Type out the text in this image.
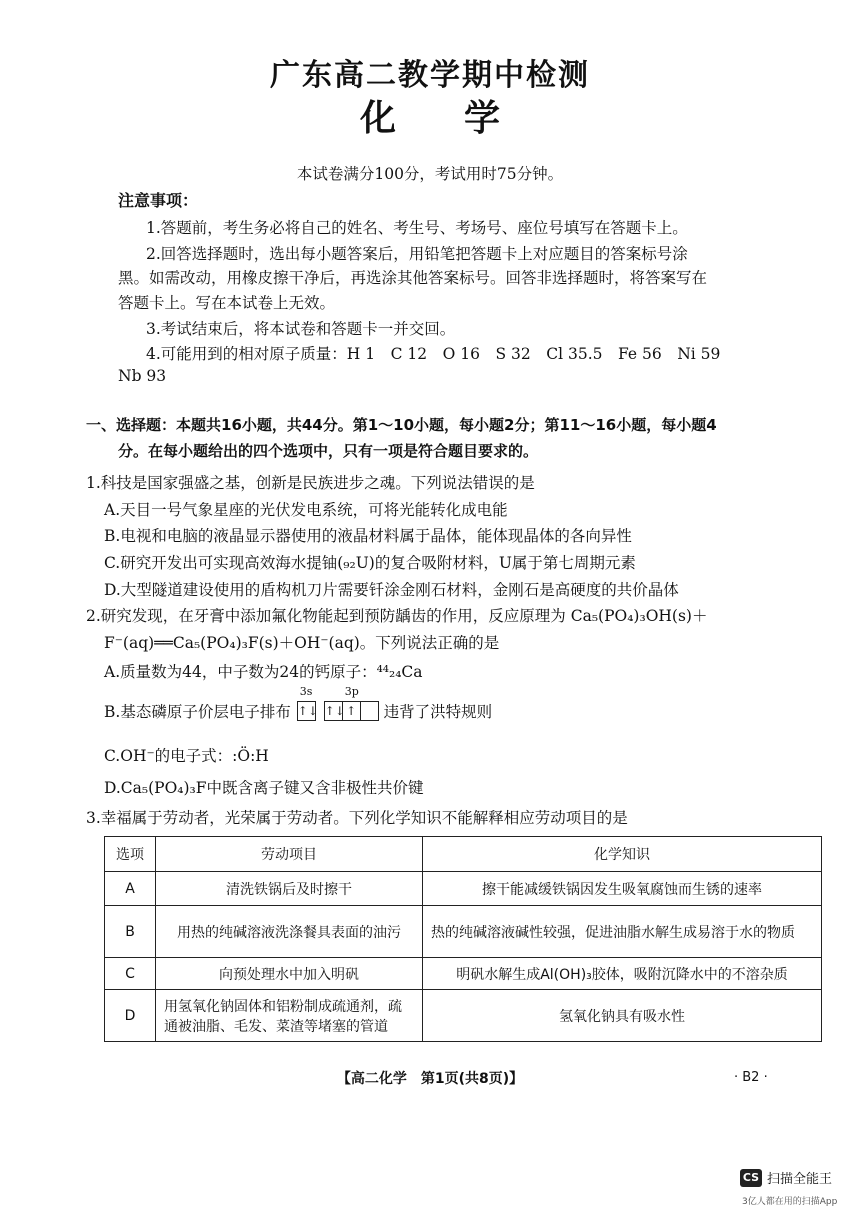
广东高二教学期中检测
化 学
本试卷满分100分，考试用时75分钟。
注意事项：
1.答题前，考生务必将自己的姓名、考生号、考场号、座位号填写在答题卡上。
2.回答选择题时，选出每小题答案后，用铅笔把答题卡上对应题目的答案标号涂
黑。如需改动，用橡皮擦干净后，再选涂其他答案标号。回答非选择题时，将答案写在
答题卡上。写在本试卷上无效。
3.考试结束后，将本试卷和答题卡一并交回。
4.可能用到的相对原子质量：H 1　C 12　O 16　S 32　Cl 35.5　Fe 56　Ni 59
Nb 93
一、选择题：本题共16小题，共44分。第1～10小题，每小题2分；第11～16小题，每小题4
分。在每小题给出的四个选项中，只有一项是符合题目要求的。
1.科技是国家强盛之基，创新是民族进步之魂。下列说法错误的是
A.天目一号气象星座的光伏发电系统，可将光能转化成电能
B.电视和电脑的液晶显示器使用的液晶材料属于晶体，能体现晶体的各向异性
C.研究开发出可实现高效海水提铀(₉₂U)的复合吸附材料，U属于第七周期元素
D.大型隧道建设使用的盾构机刀片需要钎涂金刚石材料，金刚石是高硬度的共价晶体
2.研究发现，在牙膏中添加氟化物能起到预防龋齿的作用，反应原理为 Ca₅(PO₄)₃OH(s)＋
F⁻(aq)══Ca₅(PO₄)₃F(s)＋OH⁻(aq)。下列说法正确的是
A.质量数为44，中子数为24的钙原子：⁴⁴₂₄Ca
B.基态磷原子价层电子排布
3s
↑↓

3p
↑↓ ↑ 违背了洪特规则
C.OH⁻的电子式：:Ö:H
D.Ca₅(PO₄)₃F中既含离子键又含非极性共价键
3.幸福属于劳动者，光荣属于劳动者。下列化学知识不能解释相应劳动项目的是
选项	劳动项目	化学知识
A	清洗铁锅后及时擦干	擦干能减缓铁锅因发生吸氧腐蚀而生锈的速率
B	用热的纯碱溶液洗涤餐具表面的油污	热的纯碱溶液碱性较强，促进油脂水解生成易溶于水的物质
C	向预处理水中加入明矾	明矾水解生成Al(OH)₃胶体，吸附沉降水中的不溶杂质
D	用氢氧化钠固体和铝粉制成疏通剂，疏通被油脂、毛发、菜渣等堵塞的管道	氢氧化钠具有吸水性
【高二化学　第1页(共8页)】	· B2 ·
CS 扫描全能王
3亿人都在用的扫描App
